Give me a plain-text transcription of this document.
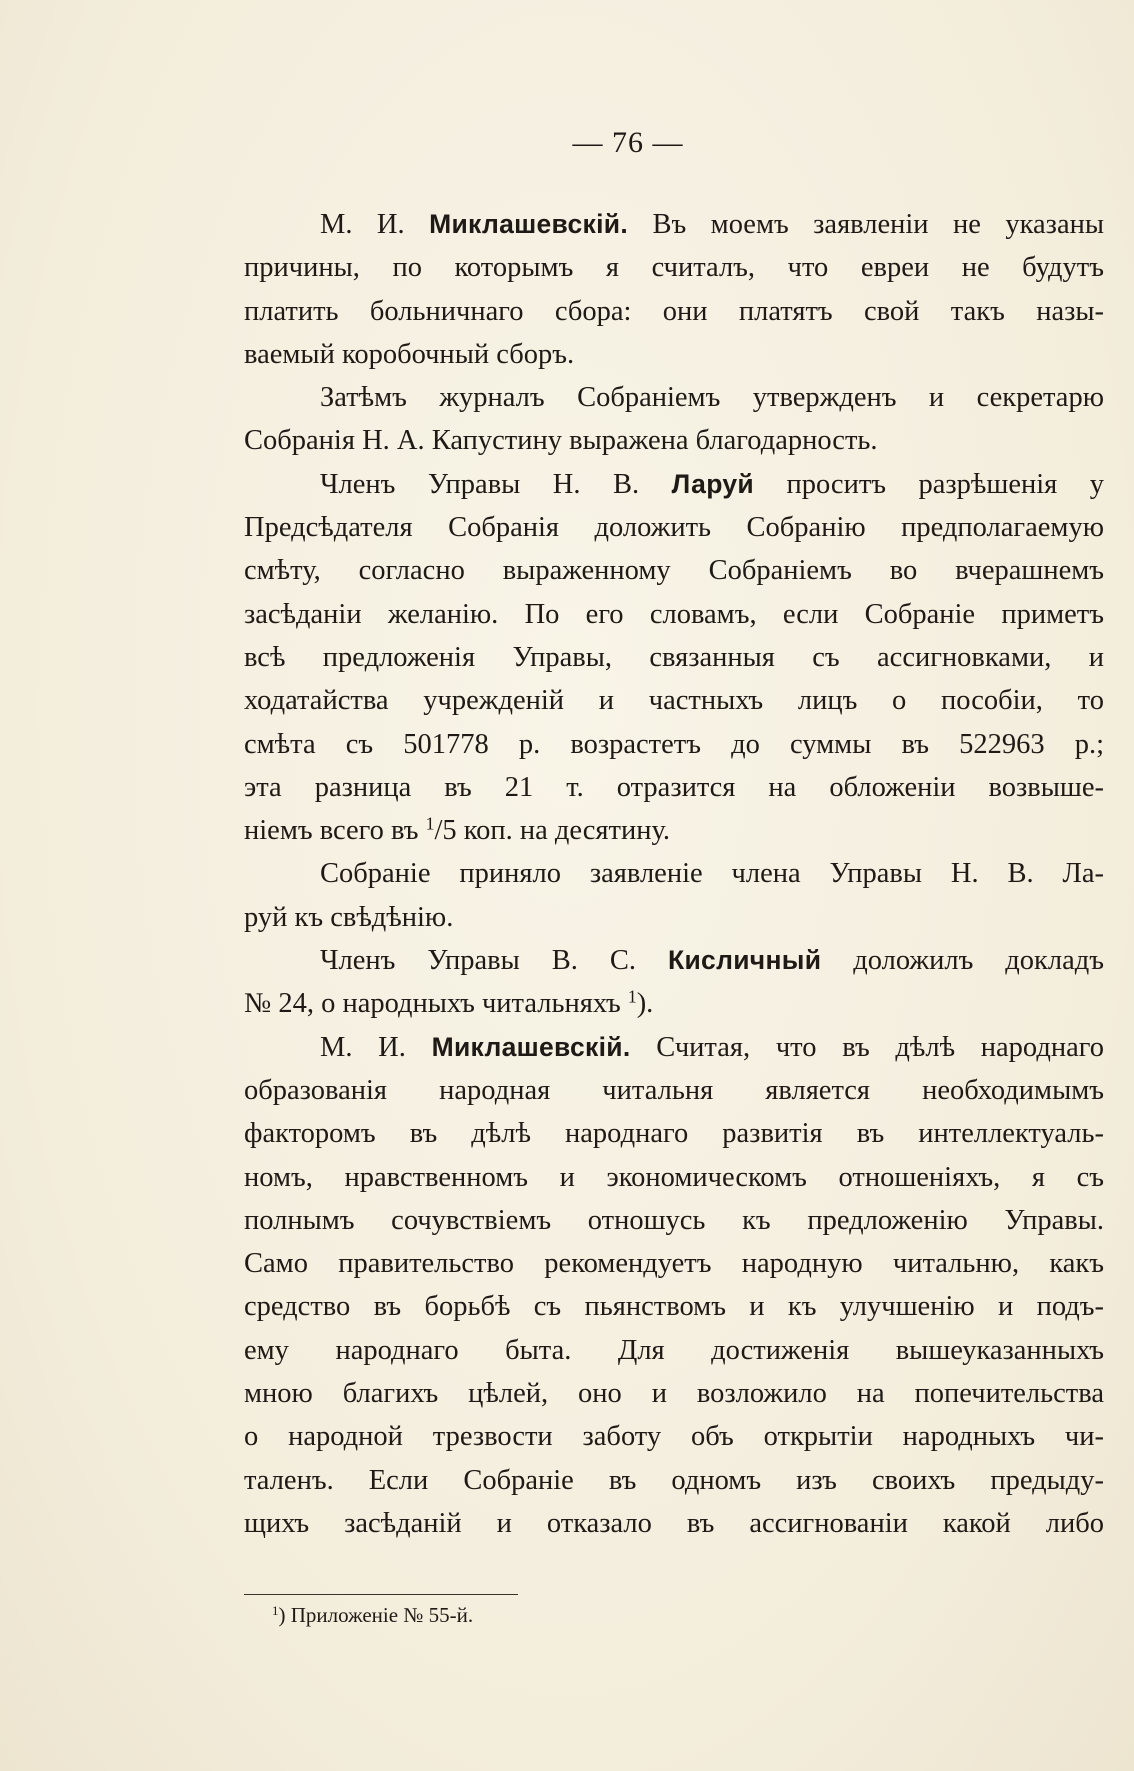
— 76 —
М. И. Миклашевскій. Въ моемъ заявленіи не указаны
причины, по которымъ я считалъ, что евреи не будутъ
платить больничнаго сбора: они платятъ свой такъ назы-
ваемый коробочный сборъ.
Затѣмъ журналъ Собраніемъ утвержденъ и секретарю
Собранія Н. А. Капустину выражена благодарность.
Членъ Управы Н. В. Ларуй проситъ разрѣшенія у
Предсѣдателя Собранія доложить Собранію предполагаемую
смѣту, согласно выраженному Собраніемъ во вчерашнемъ
засѣданіи желанію. По его словамъ, если Собраніе приметъ
всѣ предложенія Управы, связанныя съ ассигновками, и
ходатайства учрежденій и частныхъ лицъ о пособіи, то
смѣта съ 501778 р. возрастетъ до суммы въ 522963 р.;
эта разница въ 21 т. отразится на обложеніи возвыше-
ніемъ всего въ $^1$/5 коп. на десятину.
Собраніе приняло заявленіе члена Управы Н. В. Ла-
руй къ свѣдѣнію.
Членъ Управы В. С. Кисличный доложилъ докладъ
№ 24, о народныхъ читальняхъ $^1$).
М. И. Миклашевскій. Считая, что въ дѣлѣ народнаго
образованія народная читальня является необходимымъ
факторомъ въ дѣлѣ народнаго развитія въ интеллектуаль-
номъ, нравственномъ и экономическомъ отношеніяхъ, я съ
полнымъ сочувствіемъ отношусь къ предложенію Управы.
Само правительство рекомендуетъ народную читальню, какъ
средство въ борьбѣ съ пьянствомъ и къ улучшенію и подъ-
ему народнаго быта. Для достиженія вышеуказанныхъ
мною благихъ цѣлей, оно и возложило на попечительства
о народной трезвости заботу объ открытіи народныхъ чи-
таленъ. Если Собраніе въ одномъ изъ своихъ предыду-
щихъ засѣданій и отказало въ ассигнованіи какой либо
$^1$) Приложеніе № 55-й.
